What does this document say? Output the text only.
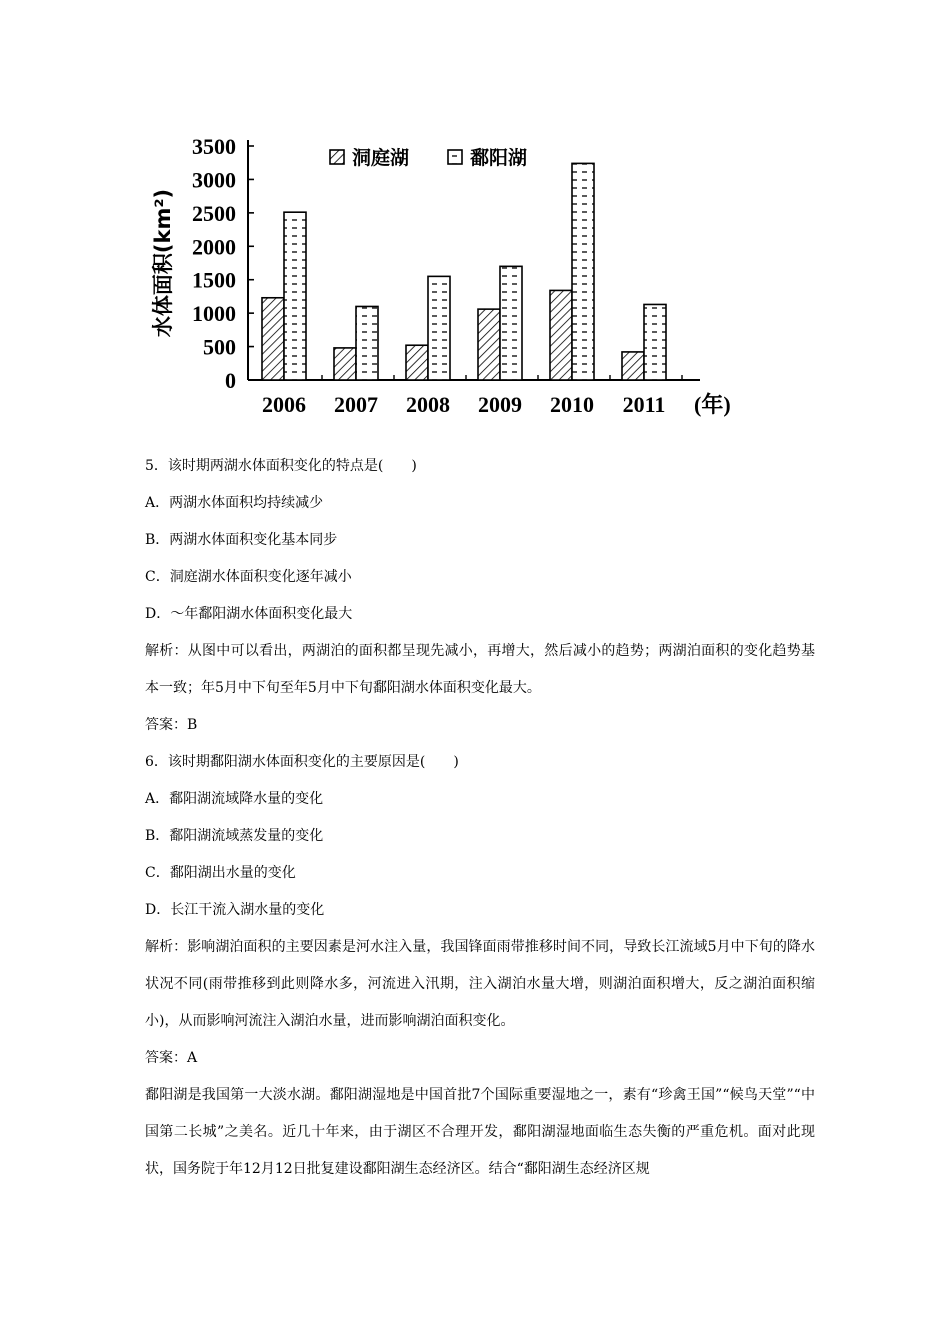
0
500
1000
1500
2000
2500
3000
3500
水体面积(km²)
2006 2007 2008 2009 2010 2011 (年)
洞庭湖	鄱阳湖
5．该时期两湖水体面积变化的特点是(　　)
A．两湖水体面积均持续减少
B．两湖水体面积变化基本同步
C．洞庭湖水体面积变化逐年减小
D．～年鄱阳湖水体面积变化最大
解析：从图中可以看出，两湖泊的面积都呈现先减小，再增大，然后减小的趋势；两湖泊面积的变化趋势基本一致；年5月中下旬至年5月中下旬鄱阳湖水体面积变化最大。
答案：B
6．该时期鄱阳湖水体面积变化的主要原因是(　　)
A．鄱阳湖流域降水量的变化
B．鄱阳湖流域蒸发量的变化
C．鄱阳湖出水量的变化
D．长江干流入湖水量的变化
解析：影响湖泊面积的主要因素是河水注入量，我国锋面雨带推移时间不同，导致长江流域5月中下旬的降水状况不同(雨带推移到此则降水多，河流进入汛期，注入湖泊水量大增，则湖泊面积增大，反之湖泊面积缩小)，从而影响河流注入湖泊水量，进而影响湖泊面积变化。
答案：A
鄱阳湖是我国第一大淡水湖。鄱阳湖湿地是中国首批7个国际重要湿地之一，素有“珍禽王国”“候鸟天堂”“中国第二长城”之美名。近几十年来，由于湖区不合理开发，鄱阳湖湿地面临生态失衡的严重危机。面对此现状，国务院于年12月12日批复建设鄱阳湖生态经济区。结合“鄱阳湖生态经济区规
